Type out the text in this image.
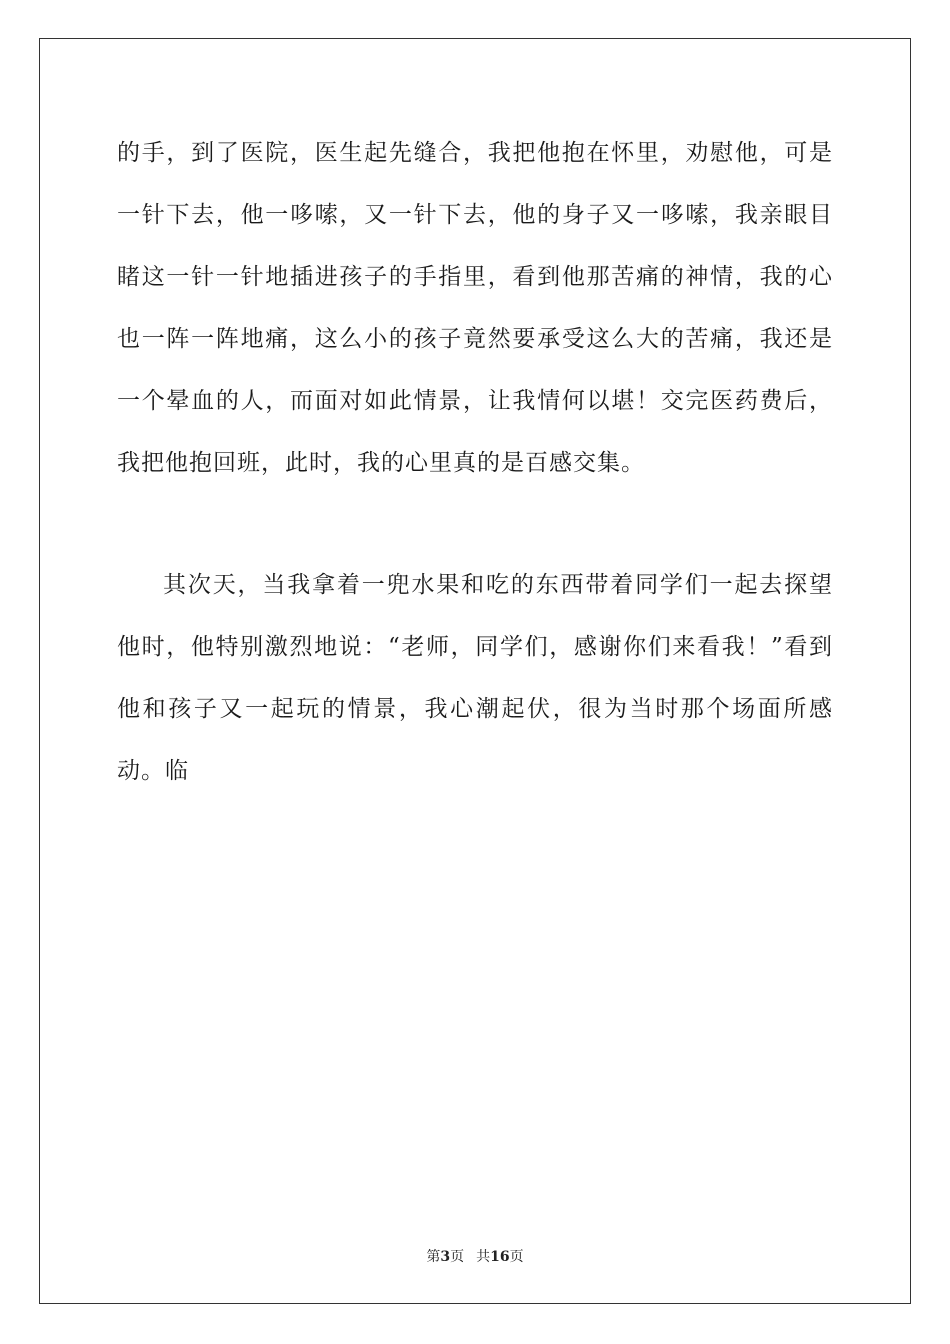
的手，到了医院，医生起先缝合，我把他抱在怀里，劝慰他，可是一针下去，他一哆嗦，又一针下去，他的身子又一哆嗦，我亲眼目睹这一针一针地插进孩子的手指里，看到他那苦痛的神情，我的心也一阵一阵地痛，这么小的孩子竟然要承受这么大的苦痛，我还是一个晕血的人，而面对如此情景，让我情何以堪！交完医药费后，我把他抱回班，此时，我的心里真的是百感交集。

其次天，当我拿着一兜水果和吃的东西带着同学们一起去探望他时，他特别激烈地说：“老师，同学们，感谢你们来看我！”看到他和孩子又一起玩的情景，我心潮起伏，很为当时那个场面所感动。临

第3页 共16页
